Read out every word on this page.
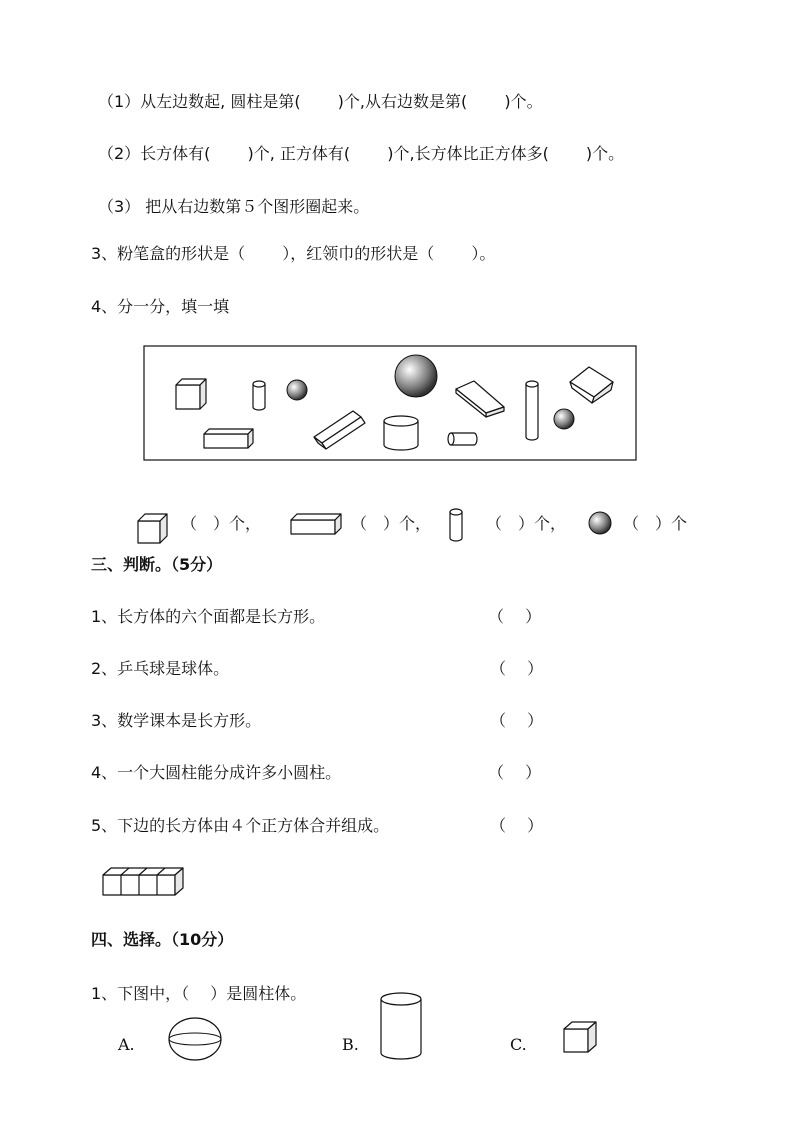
（1）从左边数起, 圆柱是第(　 　)个,从右边数是第(　 　)个。
（2）长方体有(　 　)个, 正方体有(　 　)个,长方体比正方体多(　 　)个。
（3） 把从右边数第５个图形圈起来。
3、粉笔盒的形状是（　　 ），红领巾的形状是（　　 ）。
4、分一分，填一填
（　）个，	（　）个，	（　）个，	（　）个
三、判断。（5分）
1、长方体的六个面都是长方形。	（　 ）
2、乒乓球是球体。	（　 ）
3、数学课本是长方形。	（　 ）
4、一个大圆柱能分成许多小圆柱。	（　 ）
5、下边的长方体由４个正方体合并组成。	（　 ）
四、选择。（10分）
1、下图中，（　 ）是圆柱体。
A.	B.	C.
